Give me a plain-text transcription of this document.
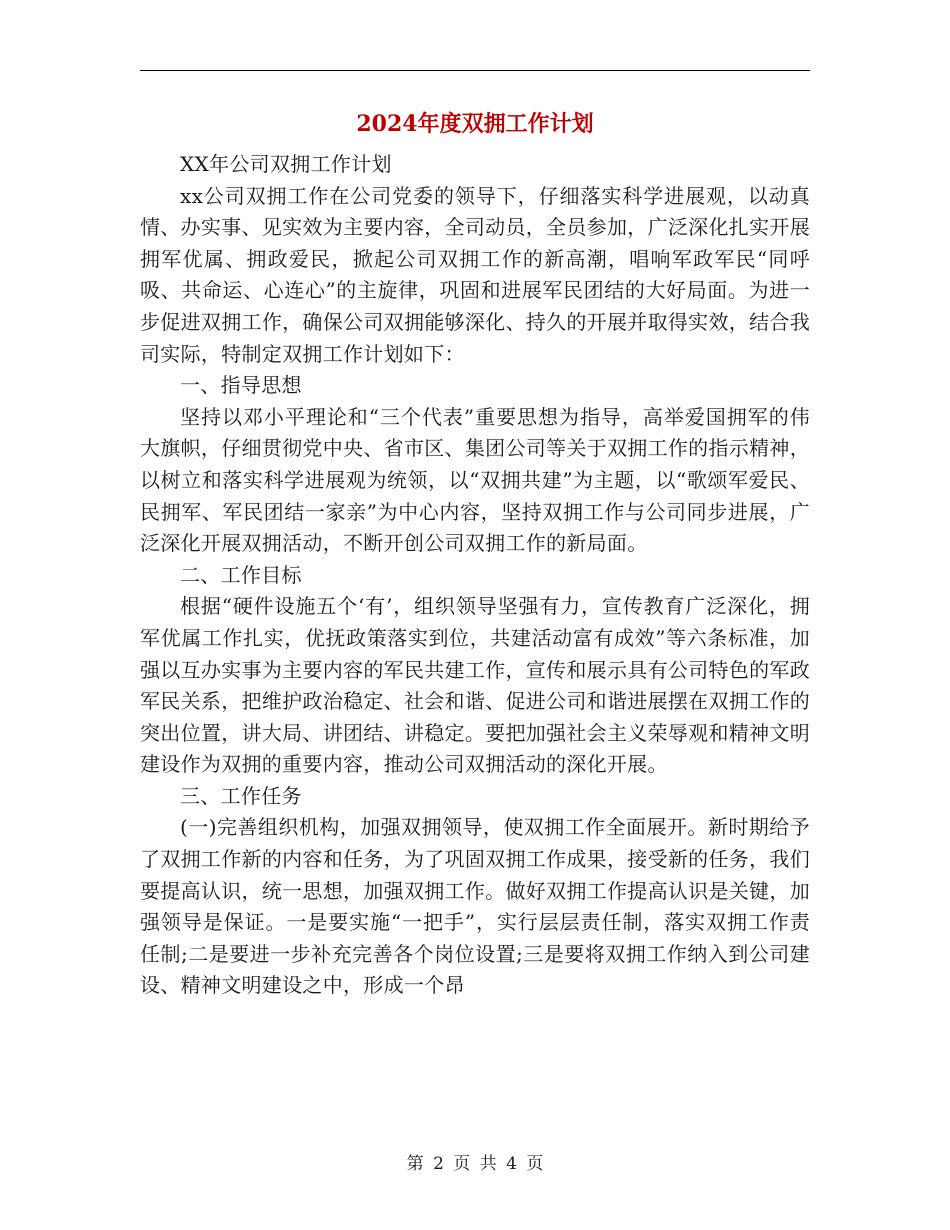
2024年度双拥工作计划

XX年公司双拥工作计划

xx公司双拥工作在公司党委的领导下，仔细落实科学进展观，以动真情、办实事、见实效为主要内容，全司动员，全员参加，广泛深化扎实开展拥军优属、拥政爱民，掀起公司双拥工作的新高潮，唱响军政军民“同呼吸、共命运、心连心”的主旋律，巩固和进展军民团结的大好局面。为进一步促进双拥工作，确保公司双拥能够深化、持久的开展并取得实效，结合我司实际，特制定双拥工作计划如下：

一、指导思想

坚持以邓小平理论和“三个代表”重要思想为指导，高举爱国拥军的伟大旗帜，仔细贯彻党中央、省市区、集团公司等关于双拥工作的指示精神，以树立和落实科学进展观为统领，以“双拥共建”为主题，以“歌颂军爱民、民拥军、军民团结一家亲”为中心内容，坚持双拥工作与公司同步进展，广泛深化开展双拥活动，不断开创公司双拥工作的新局面。

二、工作目标

根据“硬件设施五个‘有’，组织领导坚强有力，宣传教育广泛深化，拥军优属工作扎实，优抚政策落实到位，共建活动富有成效”等六条标准，加强以互办实事为主要内容的军民共建工作，宣传和展示具有公司特色的军政军民关系，把维护政治稳定、社会和谐、促进公司和谐进展摆在双拥工作的突出位置，讲大局、讲团结、讲稳定。要把加强社会主义荣辱观和精神文明建设作为双拥的重要内容，推动公司双拥活动的深化开展。

三、工作任务

(一)完善组织机构，加强双拥领导，使双拥工作全面展开。新时期给予了双拥工作新的内容和任务，为了巩固双拥工作成果，接受新的任务，我们要提高认识，统一思想，加强双拥工作。做好双拥工作提高认识是关键，加强领导是保证。一是要实施“一把手”，实行层层责任制，落实双拥工作责任制;二是要进一步补充完善各个岗位设置;三是要将双拥工作纳入到公司建设、精神文明建设之中，形成一个昂

第 2 页 共 4 页
